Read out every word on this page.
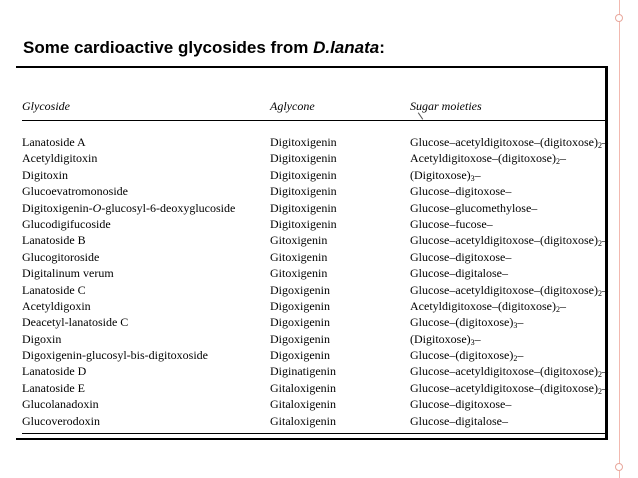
Some cardioactive glycosides from D.lanata:
Glycoside	Aglycone	Sugar moieties
Lanatoside A
Acetyldigitoxin
Digitoxin
Glucoevatromonoside
Digitoxigenin-O-glucosyl-6-deoxyglucoside
Glucodigifucoside
Lanatoside B
Glucogitoroside
Digitalinum verum
Lanatoside C
Acetyldigoxin
Deacetyl-lanatoside C
Digoxin
Digoxigenin-glucosyl-bis-digitoxoside
Lanatoside D
Lanatoside E
Glucolanadoxin
Glucoverodoxin
Digitoxigenin
Digitoxigenin
Digitoxigenin
Digitoxigenin
Digitoxigenin
Digitoxigenin
Gitoxigenin
Gitoxigenin
Gitoxigenin
Digoxigenin
Digoxigenin
Digoxigenin
Digoxigenin
Digoxigenin
Diginatigenin
Gitaloxigenin
Gitaloxigenin
Gitaloxigenin
Glucose–$acetyldigitoxose-(digitoxose)_2-$
Acetyldigitoxose–$(digitoxose)_2-$
$(Digitoxose)_3-$
Glucose–digitoxose–
Glucose–glucomethylose–
Glucose–fucose–
Glucose–$acetyldigitoxose-(digitoxose)_2-$
Glucose–digitoxose–
Glucose–digitalose–
Glucose–$acetyldigitoxose-(digitoxose)_2-$
Acetyldigitoxose–$(digitoxose)_2-$
Glucose–$(digitoxose)_3-$
$(Digitoxose)_3-$
Glucose–$(digitoxose)_2-$
Glucose–$acetyldigitoxose-(digitoxose)_2-$
Glucose–$acetyldigitoxose-(digitoxose)_2-$
Glucose–digitoxose–
Glucose–digitalose–
